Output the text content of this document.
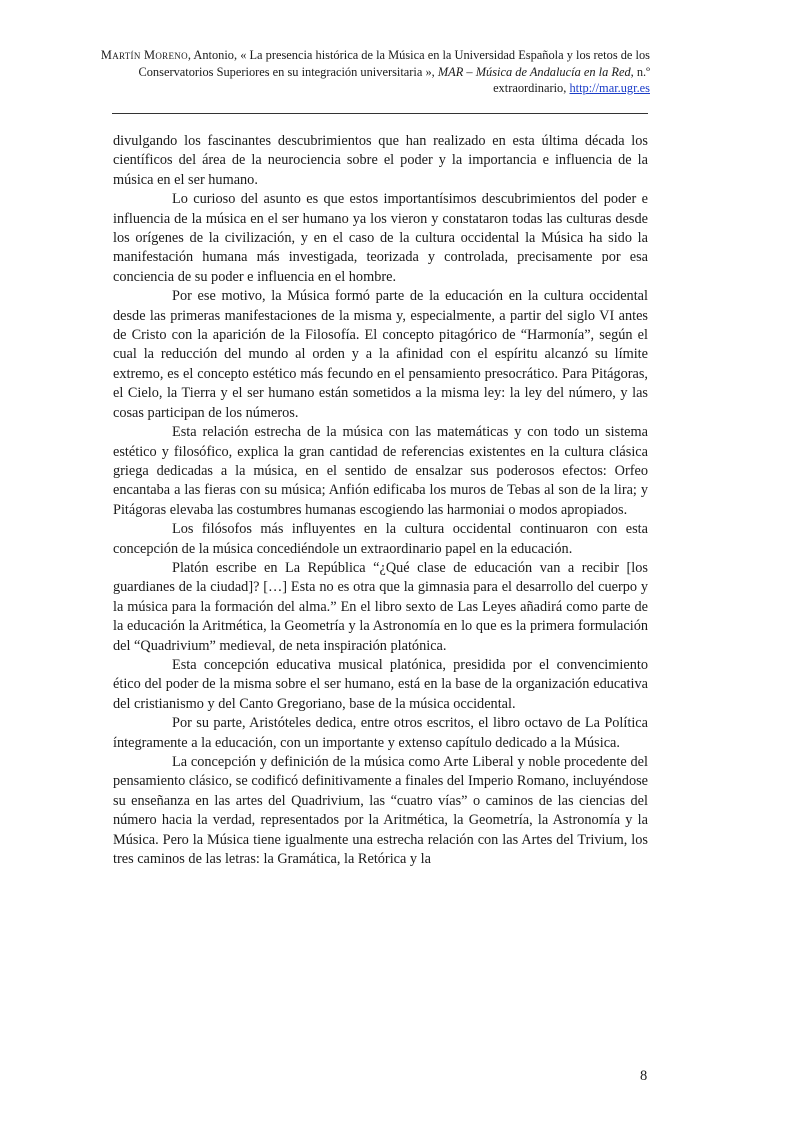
Martín Moreno, Antonio, « La presencia histórica de la Música en la Universidad Española y los retos de los Conservatorios Superiores en su integración universitaria », MAR – Música de Andalucía en la Red, n.º extraordinario, http://mar.ugr.es

divulgando los fascinantes descubrimientos que han realizado en esta última década los científicos del área de la neurociencia sobre el poder y la importancia e influencia de la música en el ser humano.

Lo curioso del asunto es que estos importantísimos descubrimientos del poder e influencia de la música en el ser humano ya los vieron y constataron todas las culturas desde los orígenes de la civilización, y en el caso de la cultura occidental la Música ha sido la manifestación humana más investigada, teorizada y controlada, precisamente por esa conciencia de su poder e influencia en el hombre.

Por ese motivo, la Música formó parte de la educación en la cultura occidental desde las primeras manifestaciones de la misma y, especialmente, a partir del siglo VI antes de Cristo con la aparición de la Filosofía. El concepto pitagórico de “Harmonía”, según el cual la reducción del mundo al orden y a la afinidad con el espíritu alcanzó su límite extremo, es el concepto estético más fecundo en el pensamiento presocrático. Para Pitágoras, el Cielo, la Tierra y el ser humano están sometidos a la misma ley: la ley del número, y las cosas participan de los números.

Esta relación estrecha de la música con las matemáticas y con todo un sistema estético y filosófico, explica la gran cantidad de referencias existentes en la cultura clásica griega dedicadas a la música, en el sentido de ensalzar sus poderosos efectos: Orfeo encantaba a las fieras con su música; Anfión edificaba los muros de Tebas al son de la lira; y Pitágoras elevaba las costumbres humanas escogiendo las harmoniai o modos apropiados.

Los filósofos más influyentes en la cultura occidental continuaron con esta concepción de la música concediéndole un extraordinario papel en la educación.

Platón escribe en La República “¿Qué clase de educación van a recibir [los guardianes de la ciudad]? […] Esta no es otra que la gimnasia para el desarrollo del cuerpo y la música para la formación del alma.” En el libro sexto de Las Leyes añadirá como parte de la educación la Aritmética, la Geometría y la Astronomía en lo que es la primera formulación del “Quadrivium” medieval, de neta inspiración platónica.

Esta concepción educativa musical platónica, presidida por el convencimiento ético del poder de la misma sobre el ser humano, está en la base de la organización educativa del cristianismo y del Canto Gregoriano, base de la música occidental.

Por su parte, Aristóteles dedica, entre otros escritos, el libro octavo de La Política íntegramente a la educación, con un importante y extenso capítulo dedicado a la Música.

La concepción y definición de la música como Arte Liberal y noble procedente del pensamiento clásico, se codificó definitivamente a finales del Imperio Romano, incluyéndose su enseñanza en las artes del Quadrivium, las “cuatro vías” o caminos de las ciencias del número hacia la verdad, representados por la Aritmética, la Geometría, la Astronomía y la Música. Pero la Música tiene igualmente una estrecha relación con las Artes del Trivium, los tres caminos de las letras: la Gramática, la Retórica y la

8
